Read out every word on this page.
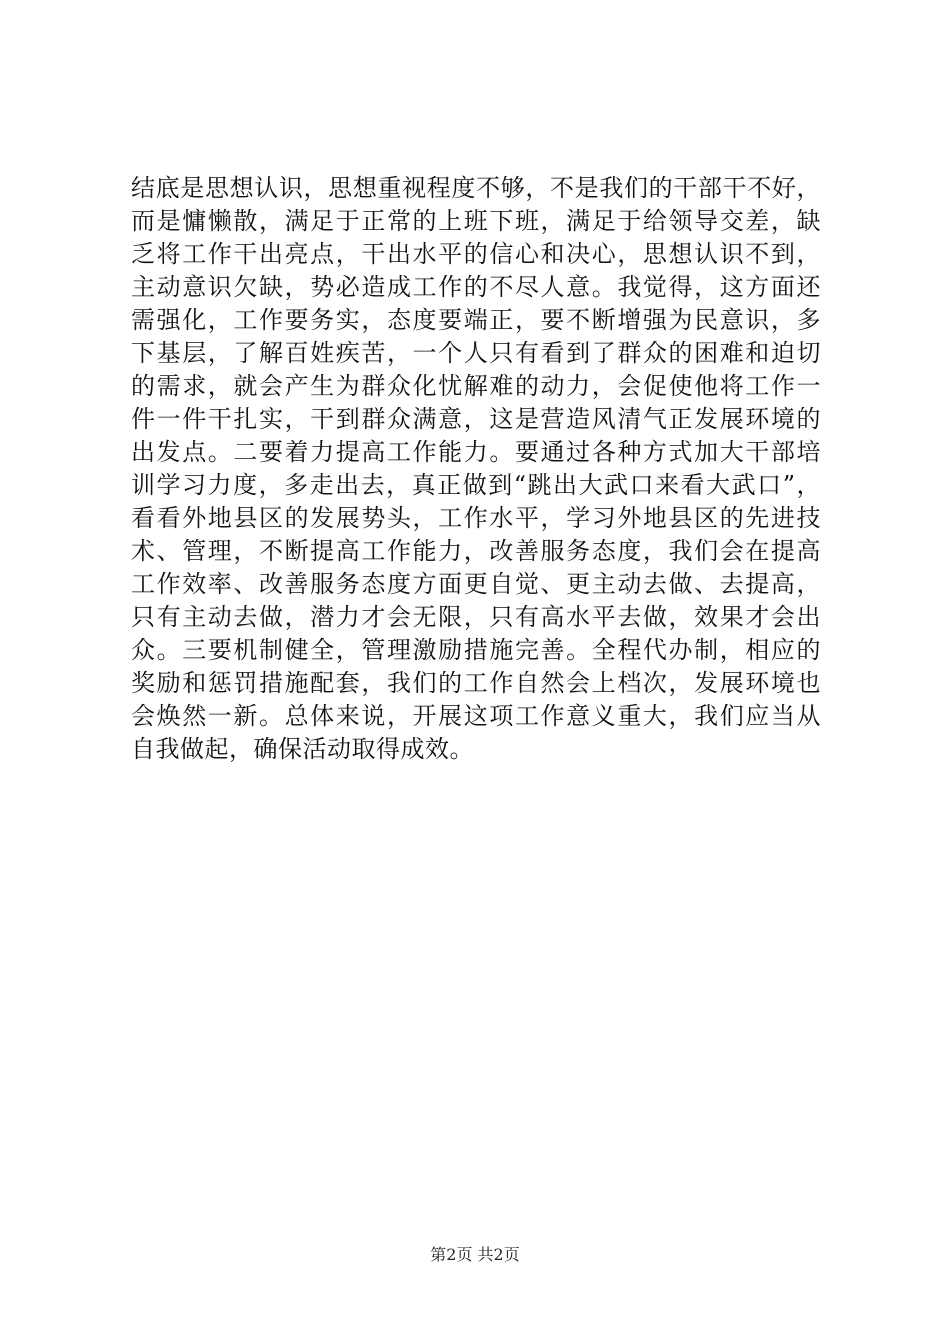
结底是思想认识，思想重视程度不够，不是我们的干部干不好，
而是慵懒散，满足于正常的上班下班，满足于给领导交差，缺
乏将工作干出亮点，干出水平的信心和决心，思想认识不到，
主动意识欠缺，势必造成工作的不尽人意。我觉得，这方面还
需强化，工作要务实，态度要端正，要不断增强为民意识，多
下基层，了解百姓疾苦，一个人只有看到了群众的困难和迫切
的需求，就会产生为群众化忧解难的动力，会促使他将工作一
件一件干扎实，干到群众满意，这是营造风清气正发展环境的
出发点。二要着力提高工作能力。要通过各种方式加大干部培
训学习力度，多走出去，真正做到“跳出大武口来看大武口”，
看看外地县区的发展势头，工作水平，学习外地县区的先进技
术、管理，不断提高工作能力，改善服务态度，我们会在提高
工作效率、改善服务态度方面更自觉、更主动去做、去提高，
只有主动去做，潜力才会无限，只有高水平去做，效果才会出
众。三要机制健全，管理激励措施完善。全程代办制，相应的
奖励和惩罚措施配套，我们的工作自然会上档次，发展环境也
会焕然一新。总体来说，开展这项工作意义重大，我们应当从
自我做起，确保活动取得成效。
第2页 共2页
